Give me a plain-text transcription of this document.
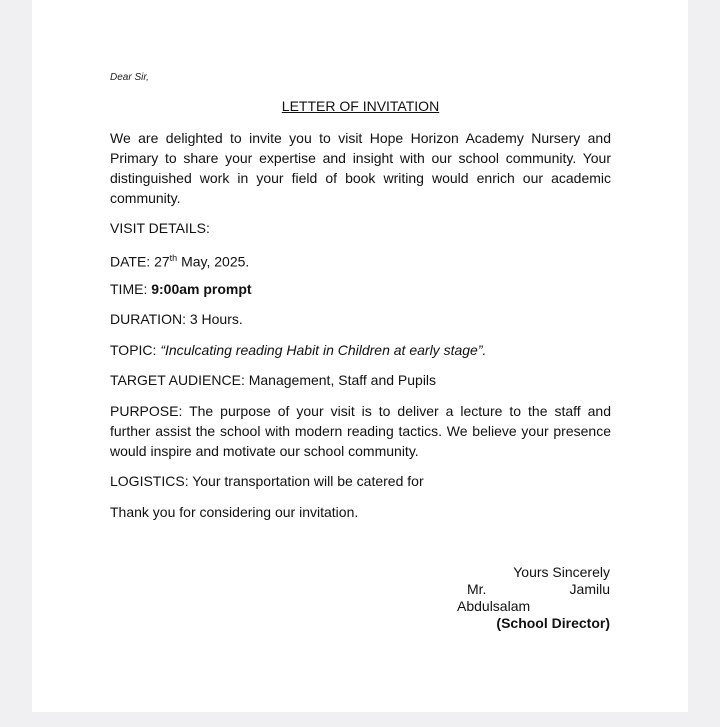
Dear Sir,
LETTER OF INVITATION

We are delighted to invite you to visit Hope Horizon Academy Nursery and Primary to share your expertise and insight with our school community. Your distinguished work in your field of book writing would enrich our academic community.

VISIT DETAILS:

DATE: 27th May, 2025.

TIME: 9:00am prompt

DURATION: 3 Hours.

TOPIC: “Inculcating reading Habit in Children at early stage”.

TARGET AUDIENCE: Management, Staff and Pupils

PURPOSE: The purpose of your visit is to deliver a lecture to the staff and further assist the school with modern reading tactics. We believe your presence would inspire and motivate our school community.

LOGISTICS: Your transportation will be catered for

Thank you for considering our invitation.

Yours Sincerely
Mr.	Jamilu
Abdulsalam
(School Director)
